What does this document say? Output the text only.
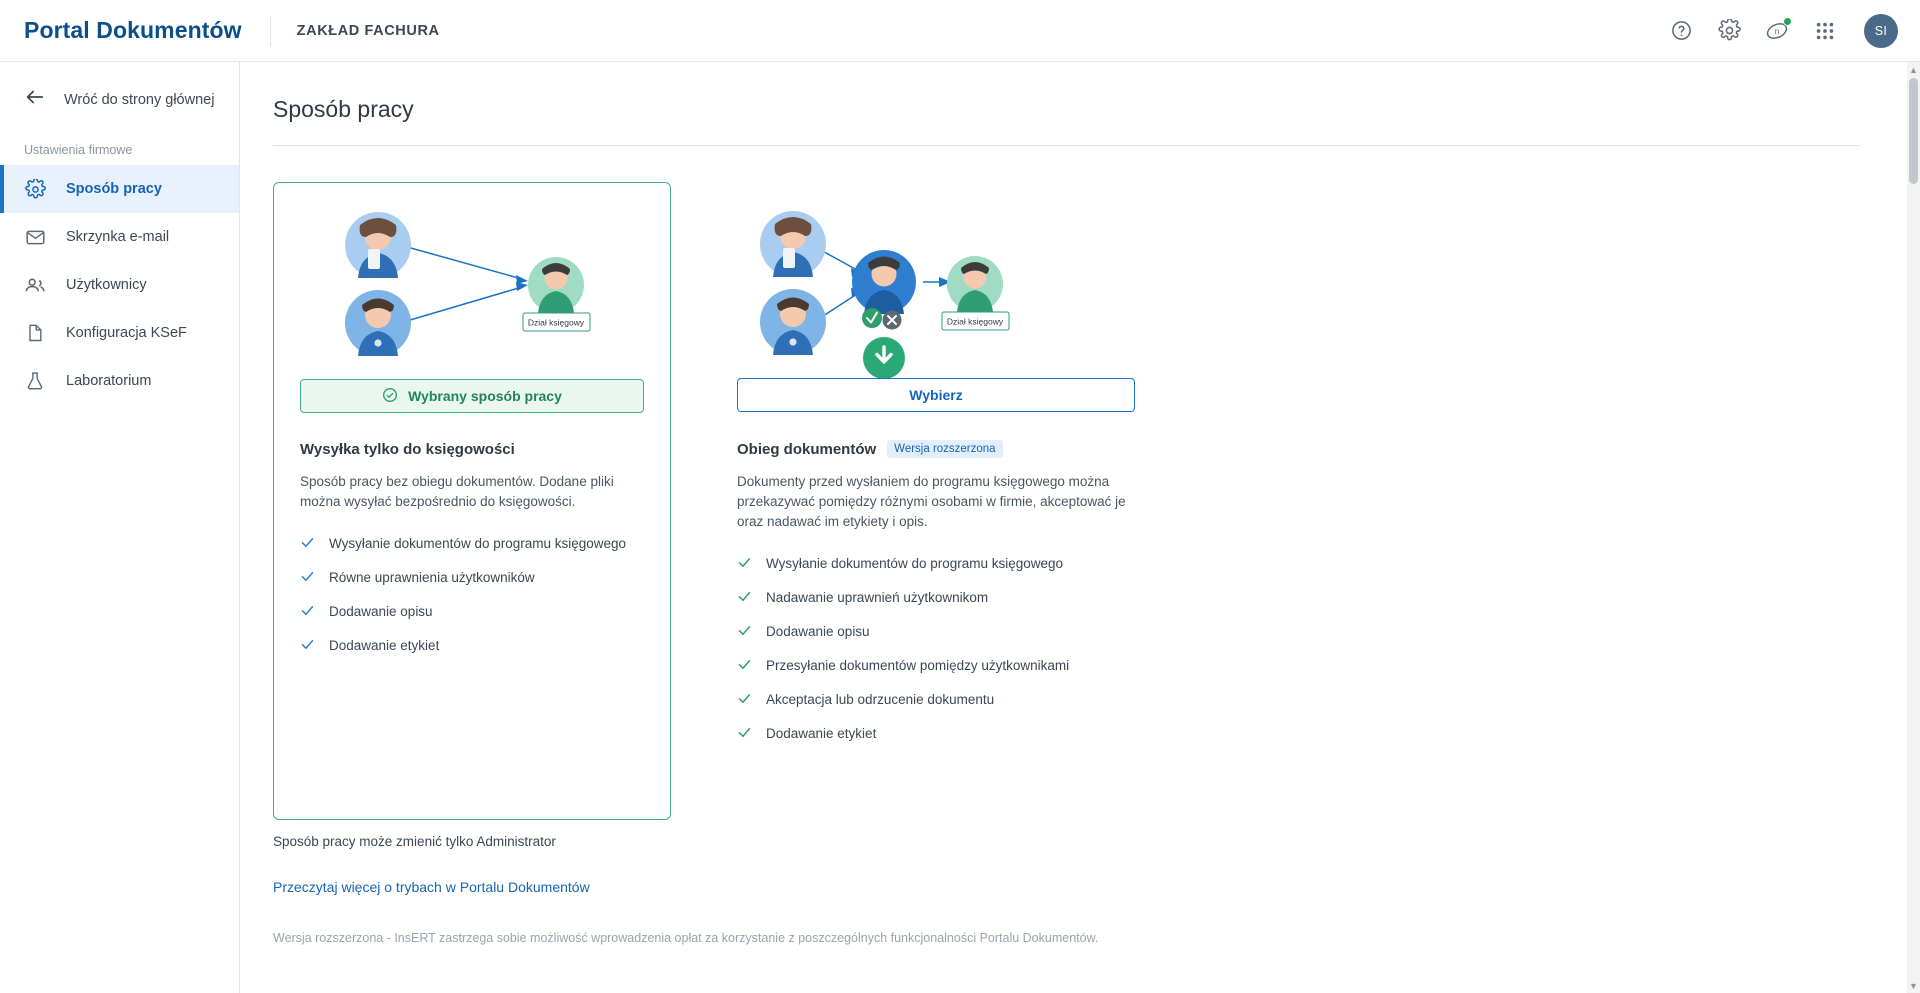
Portal Dokumentów	ZAKŁAD FACHURA	n	SI
Wróć do strony głównej
Ustawienia firmowe
Sposób pracy
Skrzynka e-mail
Użytkownicy
Konfiguracja KSeF
Laboratorium
Sposób pracy
Dział księgowy
Wybrany sposób pracy
Wysyłka tylko do księgowości
Sposób pracy bez obiegu dokumentów. Dodane pliki można wysyłać bezpośrednio do księgowości.
Wysyłanie dokumentów do programu księgowego
Równe uprawnienia użytkowników
Dodawanie opisu
Dodawanie etykiet
Dział księgowy
Wybierz
Obieg dokumentów	Wersja rozszerzona
Dokumenty przed wysłaniem do programu księgowego można przekazywać pomiędzy różnymi osobami w firmie, akceptować je oraz nadawać im etykiety i opis.
Wysyłanie dokumentów do programu księgowego
Nadawanie uprawnień użytkownikom
Dodawanie opisu
Przesyłanie dokumentów pomiędzy użytkownikami
Akceptacja lub odrzucenie dokumentu
Dodawanie etykiet
Sposób pracy może zmienić tylko Administrator
Przeczytaj więcej o trybach w Portalu Dokumentów
Wersja rozszerzona - InsERT zastrzega sobie możliwość wprowadzenia opłat za korzystanie z poszczególnych funkcjonalności Portalu Dokumentów.
▲
▼
